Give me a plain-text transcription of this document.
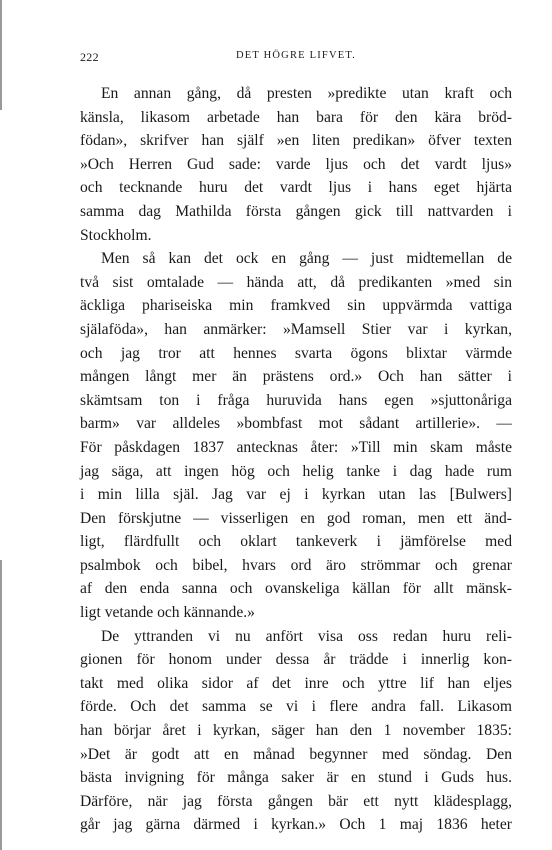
222	DET HÖGRE LIFVET.
En annan gång, då presten »predikte utan kraft och
känsla, likasom arbetade han bara för den kära bröd-
födan», skrifver han själf »en liten predikan» öfver texten
»Och Herren Gud sade: varde ljus och det vardt ljus»
och tecknande huru det vardt ljus i hans eget hjärta
samma dag Mathilda första gången gick till nattvarden i
Stockholm.
Men så kan det ock en gång — just midtemellan de
två sist omtalade — hända att, då predikanten »med sin
äckliga phariseiska min framkved sin uppvärmda vattiga
själaföda», han anmärker: »Mamsell Stier var i kyrkan,
och jag tror att hennes svarta ögons blixtar värmde
mången långt mer än prästens ord.» Och han sätter i
skämtsam ton i fråga huruvida hans egen »sjuttonåriga
barm» var alldeles »bombfast mot sådant artillerie». —
För påskdagen 1837 antecknas åter: »Till min skam måste
jag säga, att ingen hög och helig tanke i dag hade rum
i min lilla själ. Jag var ej i kyrkan utan las [Bulwers]
Den förskjutne — visserligen en god roman, men ett änd-
ligt, flärdfullt och oklart tankeverk i jämförelse med
psalmbok och bibel, hvars ord äro strömmar och grenar
af den enda sanna och ovanskeliga källan för allt mänsk-
ligt vetande och kännande.»
De yttranden vi nu anfört visa oss redan huru reli-
gionen för honom under dessa år trädde i innerlig kon-
takt med olika sidor af det inre och yttre lif han eljes
förde. Och det samma se vi i flere andra fall. Likasom
han börjar året i kyrkan, säger han den 1 november 1835:
»Det är godt att en månad begynner med söndag. Den
bästa invigning för många saker är en stund i Guds hus.
Därföre, när jag första gången bär ett nytt klädesplagg,
går jag gärna därmed i kyrkan.» Och 1 maj 1836 heter
